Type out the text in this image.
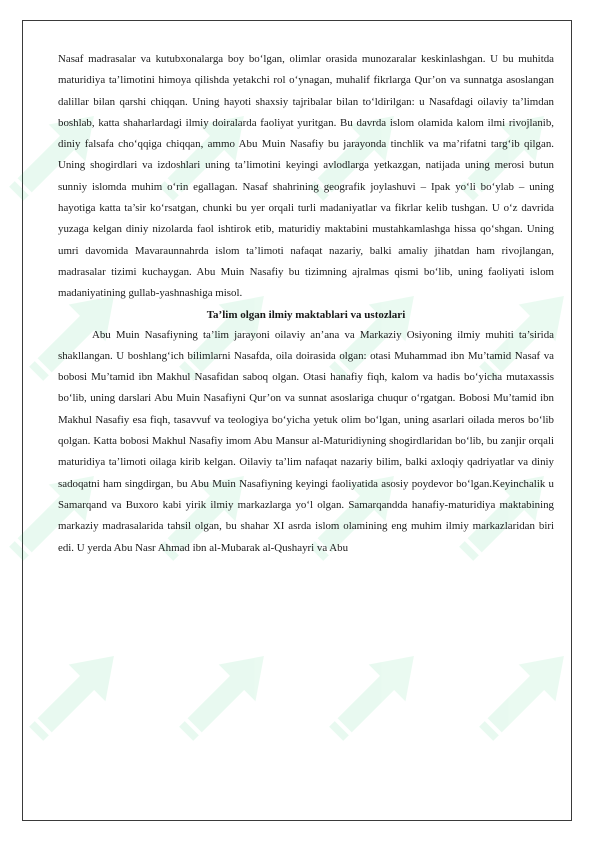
Nasaf madrasalar va kutubxonalarga boy bo‘lgan, olimlar orasida munozaralar keskinlashgan. U bu muhitda maturidiya ta’limotini himoya qilishda yetakchi rol o‘ynagan, muhalif fikrlarga Qur’on va sunnatga asoslangan dalillar bilan qarshi chiqqan. Uning hayoti shaxsiy tajribalar bilan to‘ldirilgan: u Nasafdagi oilaviy ta’limdan boshlab, katta shaharlardagi ilmiy doiralarda faoliyat yuritgan. Bu davrda islom olamida kalom ilmi rivojlanib, diniy falsafa cho‘qqiga chiqqan, ammo Abu Muin Nasafiy bu jarayonda tinchlik va ma’rifatni targ‘ib qilgan. Uning shogirdlari va izdoshlari uning ta’limotini keyingi avlodlarga yetkazgan, natijada uning merosi butun sunniy islomda muhim o‘rin egallagan. Nasaf shahrining geografik joylashuvi – Ipak yo‘li bo‘ylab – uning hayotiga katta ta’sir ko‘rsatgan, chunki bu yer orqali turli madaniyatlar va fikrlar kelib tushgan. U o‘z davrida yuzaga kelgan diniy nizolarda faol ishtirok etib, maturidiy maktabini mustahkamlashga hissa qo‘shgan. Uning umri davomida Mavaraunnahrda islom ta’limoti nafaqat nazariy, balki amaliy jihatdan ham rivojlangan, madrasalar tizimi kuchaygan. Abu Muin Nasafiy bu tizimning ajralmas qismi bo‘lib, uning faoliyati islom madaniyatining gullab-yashnashiga misol.

Ta’lim olgan ilmiy maktablari va ustozlari

Abu Muin Nasafiyning ta’lim jarayoni oilaviy an’ana va Markaziy Osiyoning ilmiy muhiti ta’sirida shakllangan. U boshlang‘ich bilimlarni Nasafda, oila doirasida olgan: otasi Muhammad ibn Mu’tamid Nasaf va bobosi Mu’tamid ibn Makhul Nasafidan saboq olgan. Otasi hanafiy fiqh, kalom va hadis bo‘yicha mutaxassis bo‘lib, uning darslari Abu Muin Nasafiyni Qur’on va sunnat asoslariga chuqur o‘rgatgan. Bobosi Mu’tamid ibn Makhul Nasafiy esa fiqh, tasavvuf va teologiya bo‘yicha yetuk olim bo‘lgan, uning asarlari oilada meros bo‘lib qolgan. Katta bobosi Makhul Nasafiy imom Abu Mansur al-Maturidiyning shogirdlaridan bo‘lib, bu zanjir orqali maturidiya ta’limoti oilaga kirib kelgan. Oilaviy ta’lim nafaqat nazariy bilim, balki axloqiy qadriyatlar va diniy sadoqatni ham singdirgan, bu Abu Muin Nasafiyning keyingi faoliyatida asosiy poydevor bo‘lgan.Keyinchalik u Samarqand va Buxoro kabi yirik ilmiy markazlarga yo‘l olgan. Samarqandda hanafiy-maturidiya maktabining markaziy madrasalarida tahsil olgan, bu shahar XI asrda islom olamining eng muhim ilmiy markazlaridan biri edi. U yerda Abu Nasr Ahmad ibn al-Mubarak al-Qushayri va Abu
